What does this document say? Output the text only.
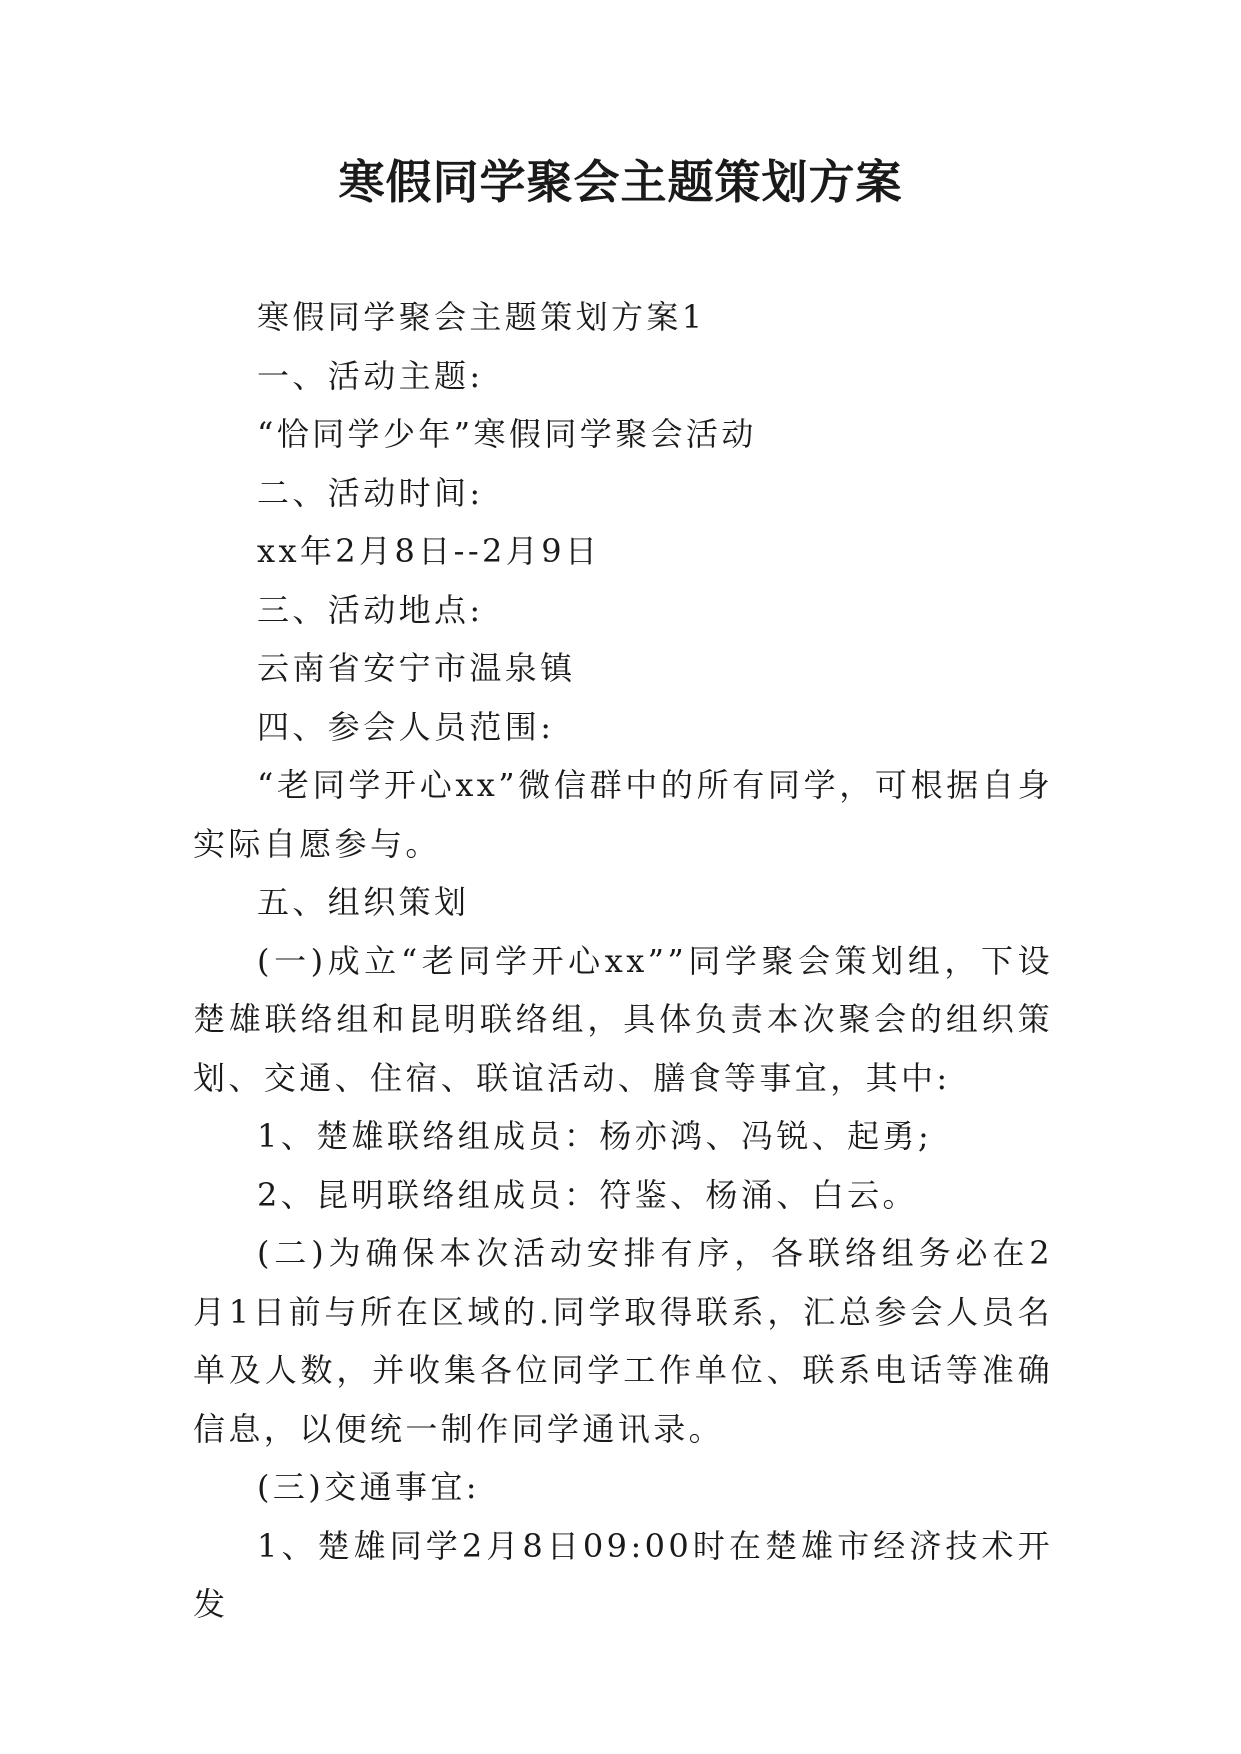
寒假同学聚会主题策划方案

寒假同学聚会主题策划方案1

一、活动主题:

“恰同学少年”寒假同学聚会活动

二、活动时间:

xx年2月8日--2月9日

三、活动地点:

云南省安宁市温泉镇

四、参会人员范围:

“老同学开心xx”微信群中的所有同学，可根据自身实际自愿参与。

五、组织策划

(一)成立“老同学开心xx””同学聚会策划组，下设楚雄联络组和昆明联络组，具体负责本次聚会的组织策划、交通、住宿、联谊活动、膳食等事宜，其中:

1、楚雄联络组成员：杨亦鸿、冯锐、起勇;

2、昆明联络组成员：符鉴、杨涌、白云。

(二)为确保本次活动安排有序，各联络组务必在2月1日前与所在区域的.同学取得联系，汇总参会人员名单及人数，并收集各位同学工作单位、联系电话等准确信息，以便统一制作同学通讯录。

(三)交通事宜:

1、楚雄同学2月8日09:00时在楚雄市经济技术开发
